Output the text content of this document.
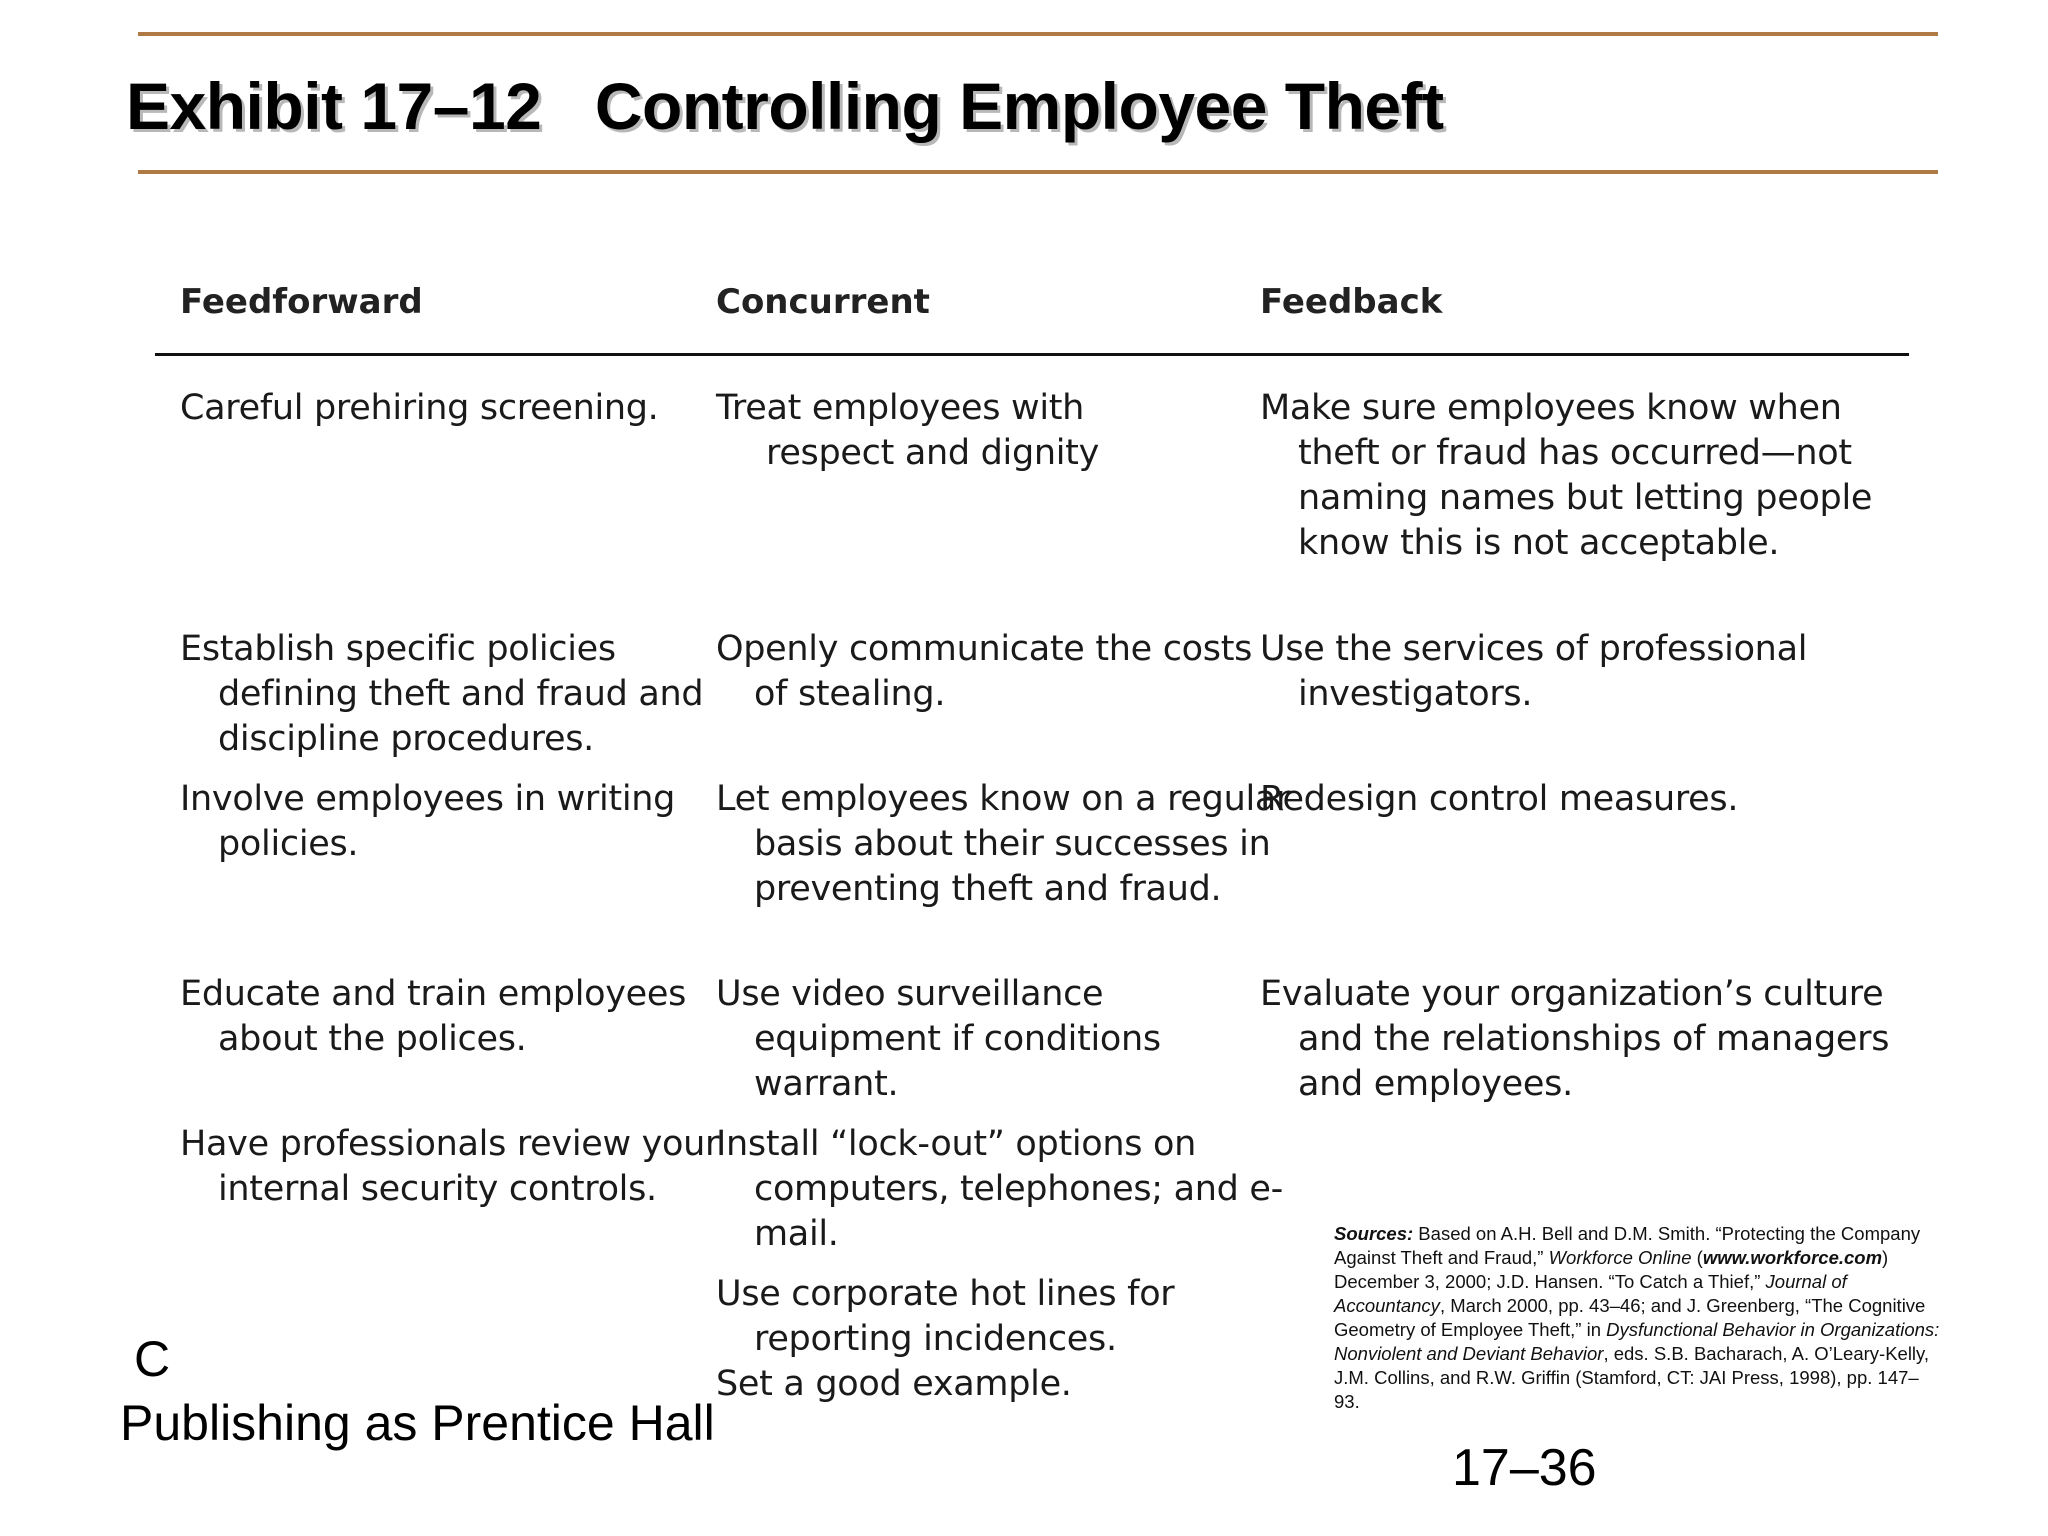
Exhibit 17–12   Controlling Employee Theft
Feedforward	Concurrent	Feedback
Careful prehiring screening.
Establish specific policies defining theft and fraud and discipline procedures.
Involve employees in writing policies.
Educate and train employees about the polices.
Have professionals review your internal security controls.
Treat employees with respect and dignity
Openly communicate the costs of stealing.
Let employees know on a regular basis about their successes in preventing theft and fraud.
Use video surveillance equipment if conditions warrant.
Install “lock-out” options on computers, telephones; and e-mail.
Use corporate hot lines for reporting incidences.
Set a good example.
Make sure employees know when theft or fraud has occurred—not naming names but letting people know this is not acceptable.
Use the services of professional investigators.
Redesign control measures.
Evaluate your organization’s culture and the relationships of managers and employees.
C
Publishing as Prentice Hall
Sources: Based on A.H. Bell and D.M. Smith. “Protecting the Company Against Theft and Fraud,” Workforce Online (www.workforce.com) December 3, 2000; J.D. Hansen. “To Catch a Thief,” Journal of Accountancy, March 2000, pp. 43–46; and J. Greenberg, “The Cognitive Geometry of Employee Theft,” in Dysfunctional Behavior in Organizations: Nonviolent and Deviant Behavior, eds. S.B. Bacharach, A. O’Leary-Kelly, J.M. Collins, and R.W. Griffin (Stamford, CT: JAI Press, 1998), pp. 147–93.
17–36
